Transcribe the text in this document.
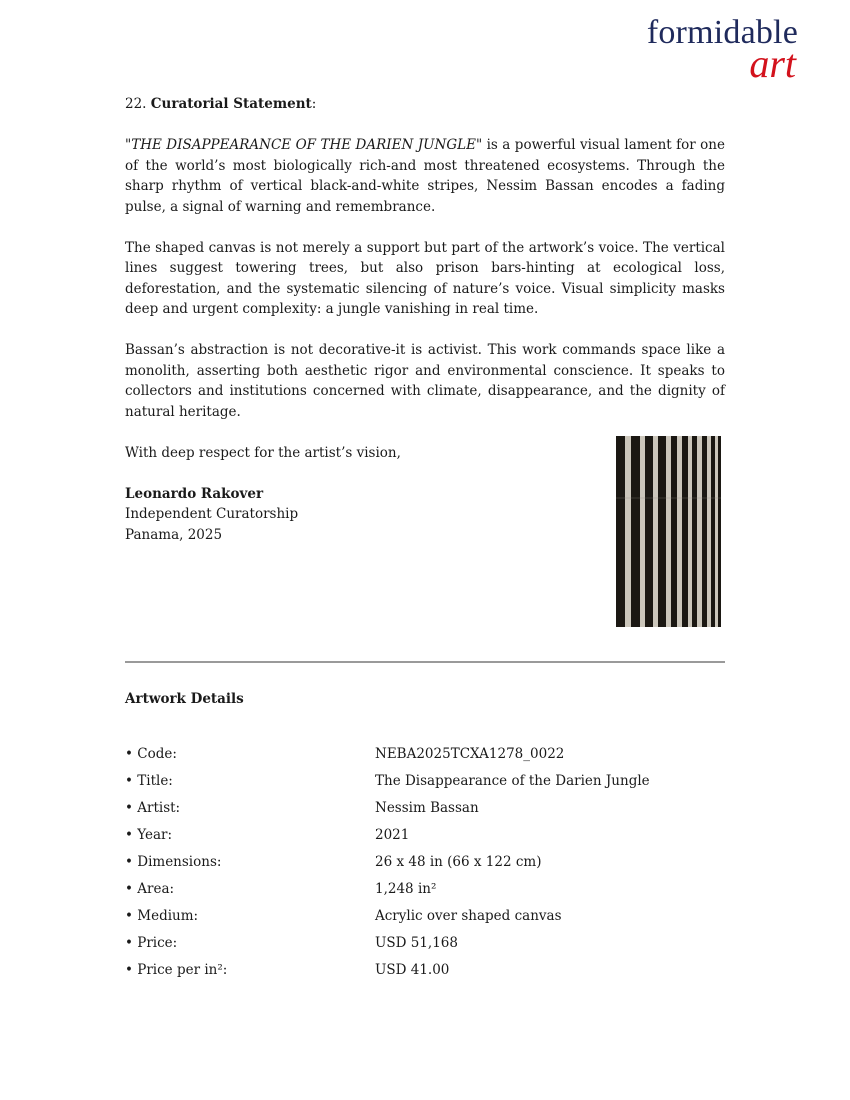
formidable
art
22. Curatorial Statement:

"THE DISAPPEARANCE OF THE DARIEN JUNGLE" is a powerful visual lament for one of the world’s most biologically rich-and most threatened ecosystems. Through the sharp rhythm of vertical black-and-white stripes, Nessim Bassan encodes a fading pulse, a signal of warning and remembrance.

The shaped canvas is not merely a support but part of the artwork’s voice. The vertical lines suggest towering trees, but also prison bars-hinting at ecological loss, deforestation, and the systematic silencing of nature’s voice. Visual simplicity masks deep and urgent complexity: a jungle vanishing in real time.

Bassan’s abstraction is not decorative-it is activist. This work commands space like a monolith, asserting both aesthetic rigor and environmental conscience. It speaks to collectors and institutions concerned with climate, disappearance, and the dignity of natural heritage.

With deep respect for the artist’s vision,

Leonardo Rakover
Independent Curatorship
Panama, 2025
Artwork Details
• Code:	NEBA2025TCXA1278_0022
• Title:	The Disappearance of the Darien Jungle
• Artist:	Nessim Bassan
• Year:	2021
• Dimensions:	26 x 48 in (66 x 122 cm)
• Area:	1,248 in²
• Medium:	Acrylic over shaped canvas
• Price:	USD 51,168
• Price per in²:	USD 41.00
